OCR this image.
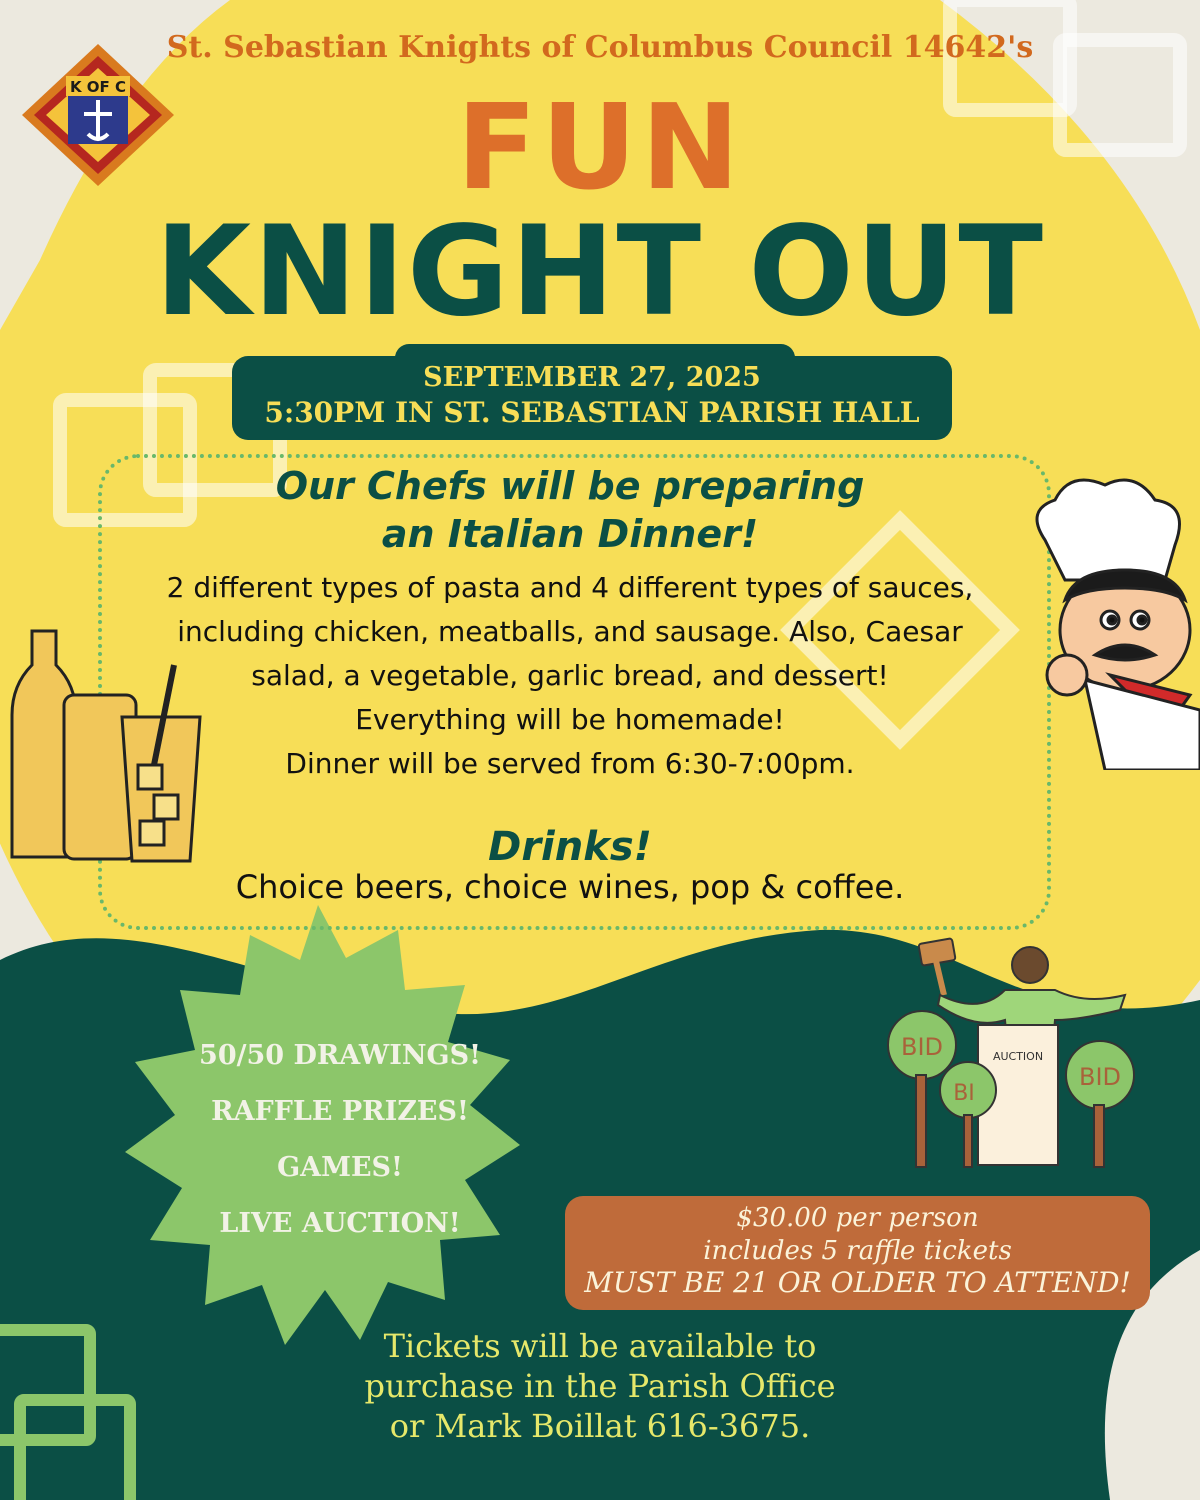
K OF C
St. Sebastian Knights of Columbus Council 14642's
FUN
KNIGHT OUT
SEPTEMBER 27, 2025
5:30PM IN ST. SEBASTIAN PARISH HALL
Our Chefs will be preparing
an Italian Dinner!
2 different types of pasta and 4 different types of sauces,
including chicken, meatballs, and sausage. Also, Caesar
salad, a vegetable, garlic bread, and dessert!
Everything will be homemade!
Dinner will be served from 6:30-7:00pm.
Drinks!
Choice beers, choice wines, pop & coffee.
50/50 DRAWINGS!
RAFFLE PRIZES!
GAMES!
LIVE AUCTION!
BID
BI
BID
AUCTION
$30.00 per person
includes 5 raffle tickets
MUST BE 21 OR OLDER TO ATTEND!
Tickets will be available to
purchase in the Parish Office
or Mark Boillat 616-3675.
